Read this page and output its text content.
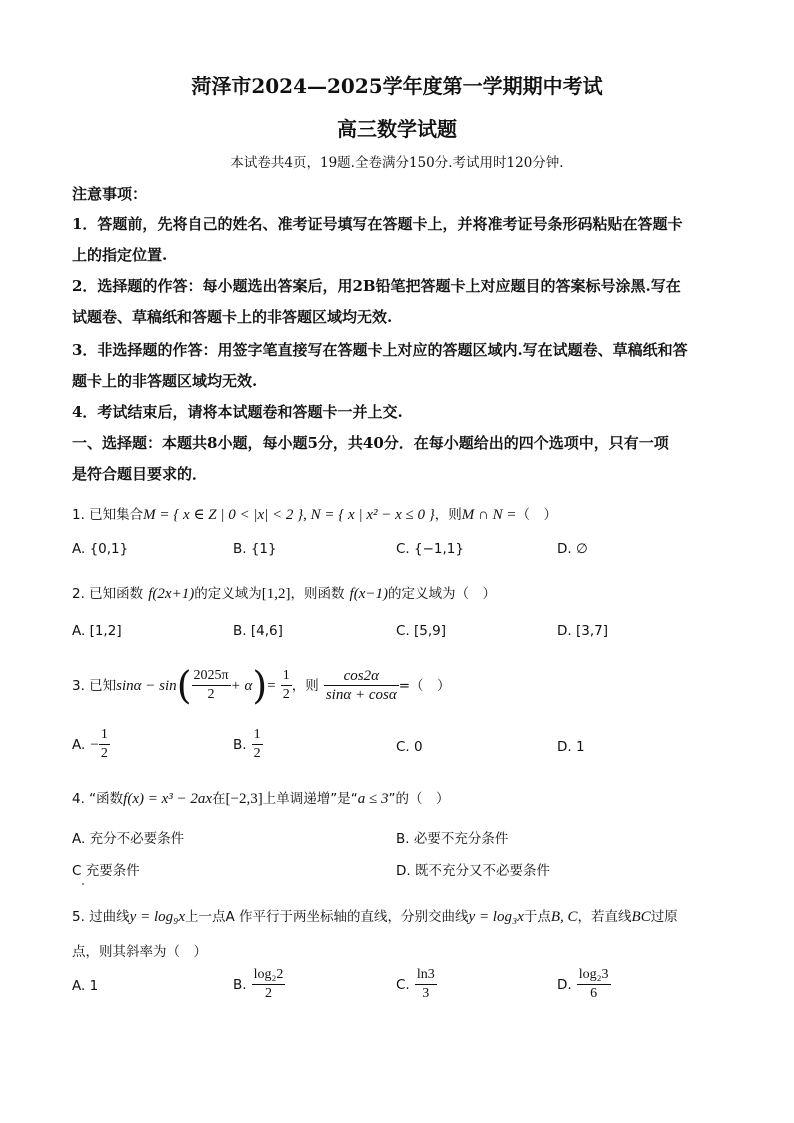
菏泽市2024—2025学年度第一学期期中考试
高三数学试题
本试卷共4页，19题.全卷满分150分.考试用时120分钟.
注意事项：
1．答题前，先将自己的姓名、准考证号填写在答题卡上，并将准考证号条形码粘贴在答题卡
上的指定位置.
2．选择题的作答：每小题选出答案后，用2B铅笔把答题卡上对应题目的答案标号涂黑.写在
试题卷、草稿纸和答题卡上的非答题区域均无效.
3．非选择题的作答：用签字笔直接写在答题卡上对应的答题区域内.写在试题卷、草稿纸和答
题卡上的非答题区域均无效.
4．考试结束后，请将本试题卷和答题卡一并上交.
一、选择题：本题共8小题，每小题5分，共40分．在每小题给出的四个选项中，只有一项
是符合题目要求的．
1. 已知集合M = { x ∈ Z | 0 < |x| < 2 }, N = { x | x² − x ≤ 0 }，则M ∩ N =（　）
A. {0,1}	B. {1}	C. {−1,1}	D. ∅
2. 已知函数 f(2x+1)的定义域为[1,2]，则函数 f(x−1)的定义域为（　）
A. [1,2]	B. [4,6]	C. [5,9]	D. [3,7]
3. 已知$\sin\alpha - \sin( \frac{2025\pi}{2} + \alpha)= \frac{1}{2}$ ，则 $\frac{\cos 2\alpha}{\sin\alpha + \cos\alpha}$ =（　）
A. − $\frac{1}{2}$	B. $\frac{1}{2}$	C. 0	D. 1
4. “函数f(x) = x³ − 2ax在[−2,3]上单调递增”是“a ≤ 3”的（　）
A. 充分不必要条件	B. 必要不充分条件
C 充要条件	D. 既不充分又不必要条件
5. 过曲线y = log₉x上一点A 作平行于两坐标轴的直线，分别交曲线y = log₃x于点B, C，若直线BC过原
点，则其斜率为（　）
A. 1	B. $\frac{\text{log₂2}}{2}$	C. $\frac{\ln 3}{3}$	D. $\frac{\text{log₂3}}{6}$
